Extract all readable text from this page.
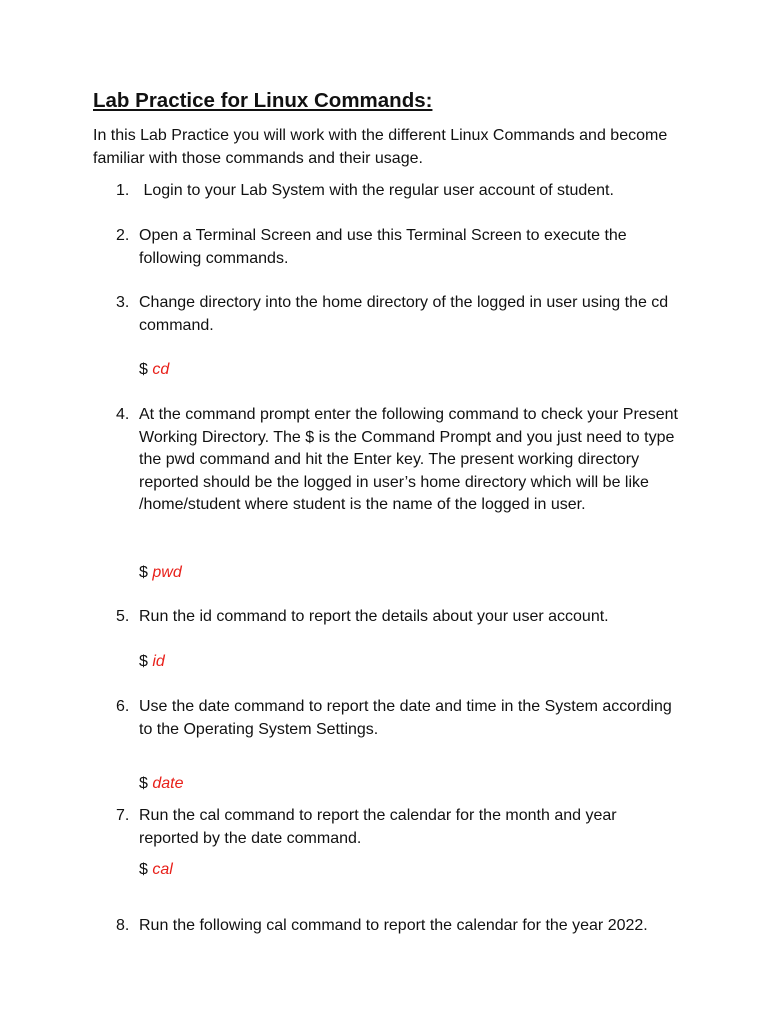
Lab Practice for Linux Commands:

In this Lab Practice you will work with the different Linux Commands and become familiar with those commands and their usage.

1. Login to your Lab System with the regular user account of student.
2. Open a Terminal Screen and use this Terminal Screen to execute the following commands.
3. Change directory into the home directory of the logged in user using the cd command.
$ cd
4. At the command prompt enter the following command to check your Present Working Directory. The $ is the Command Prompt and you just need to type the pwd command and hit the Enter key. The present working directory reported should be the logged in user’s home directory which will be like /home/student where student is the name of the logged in user.
$ pwd
5. Run the id command to report the details about your user account.
$ id
6. Use the date command to report the date and time in the System according to the Operating System Settings.
$ date
7. Run the cal command to report the calendar for the month and year reported by the date command.
$ cal
8. Run the following cal command to report the calendar for the year 2022.
